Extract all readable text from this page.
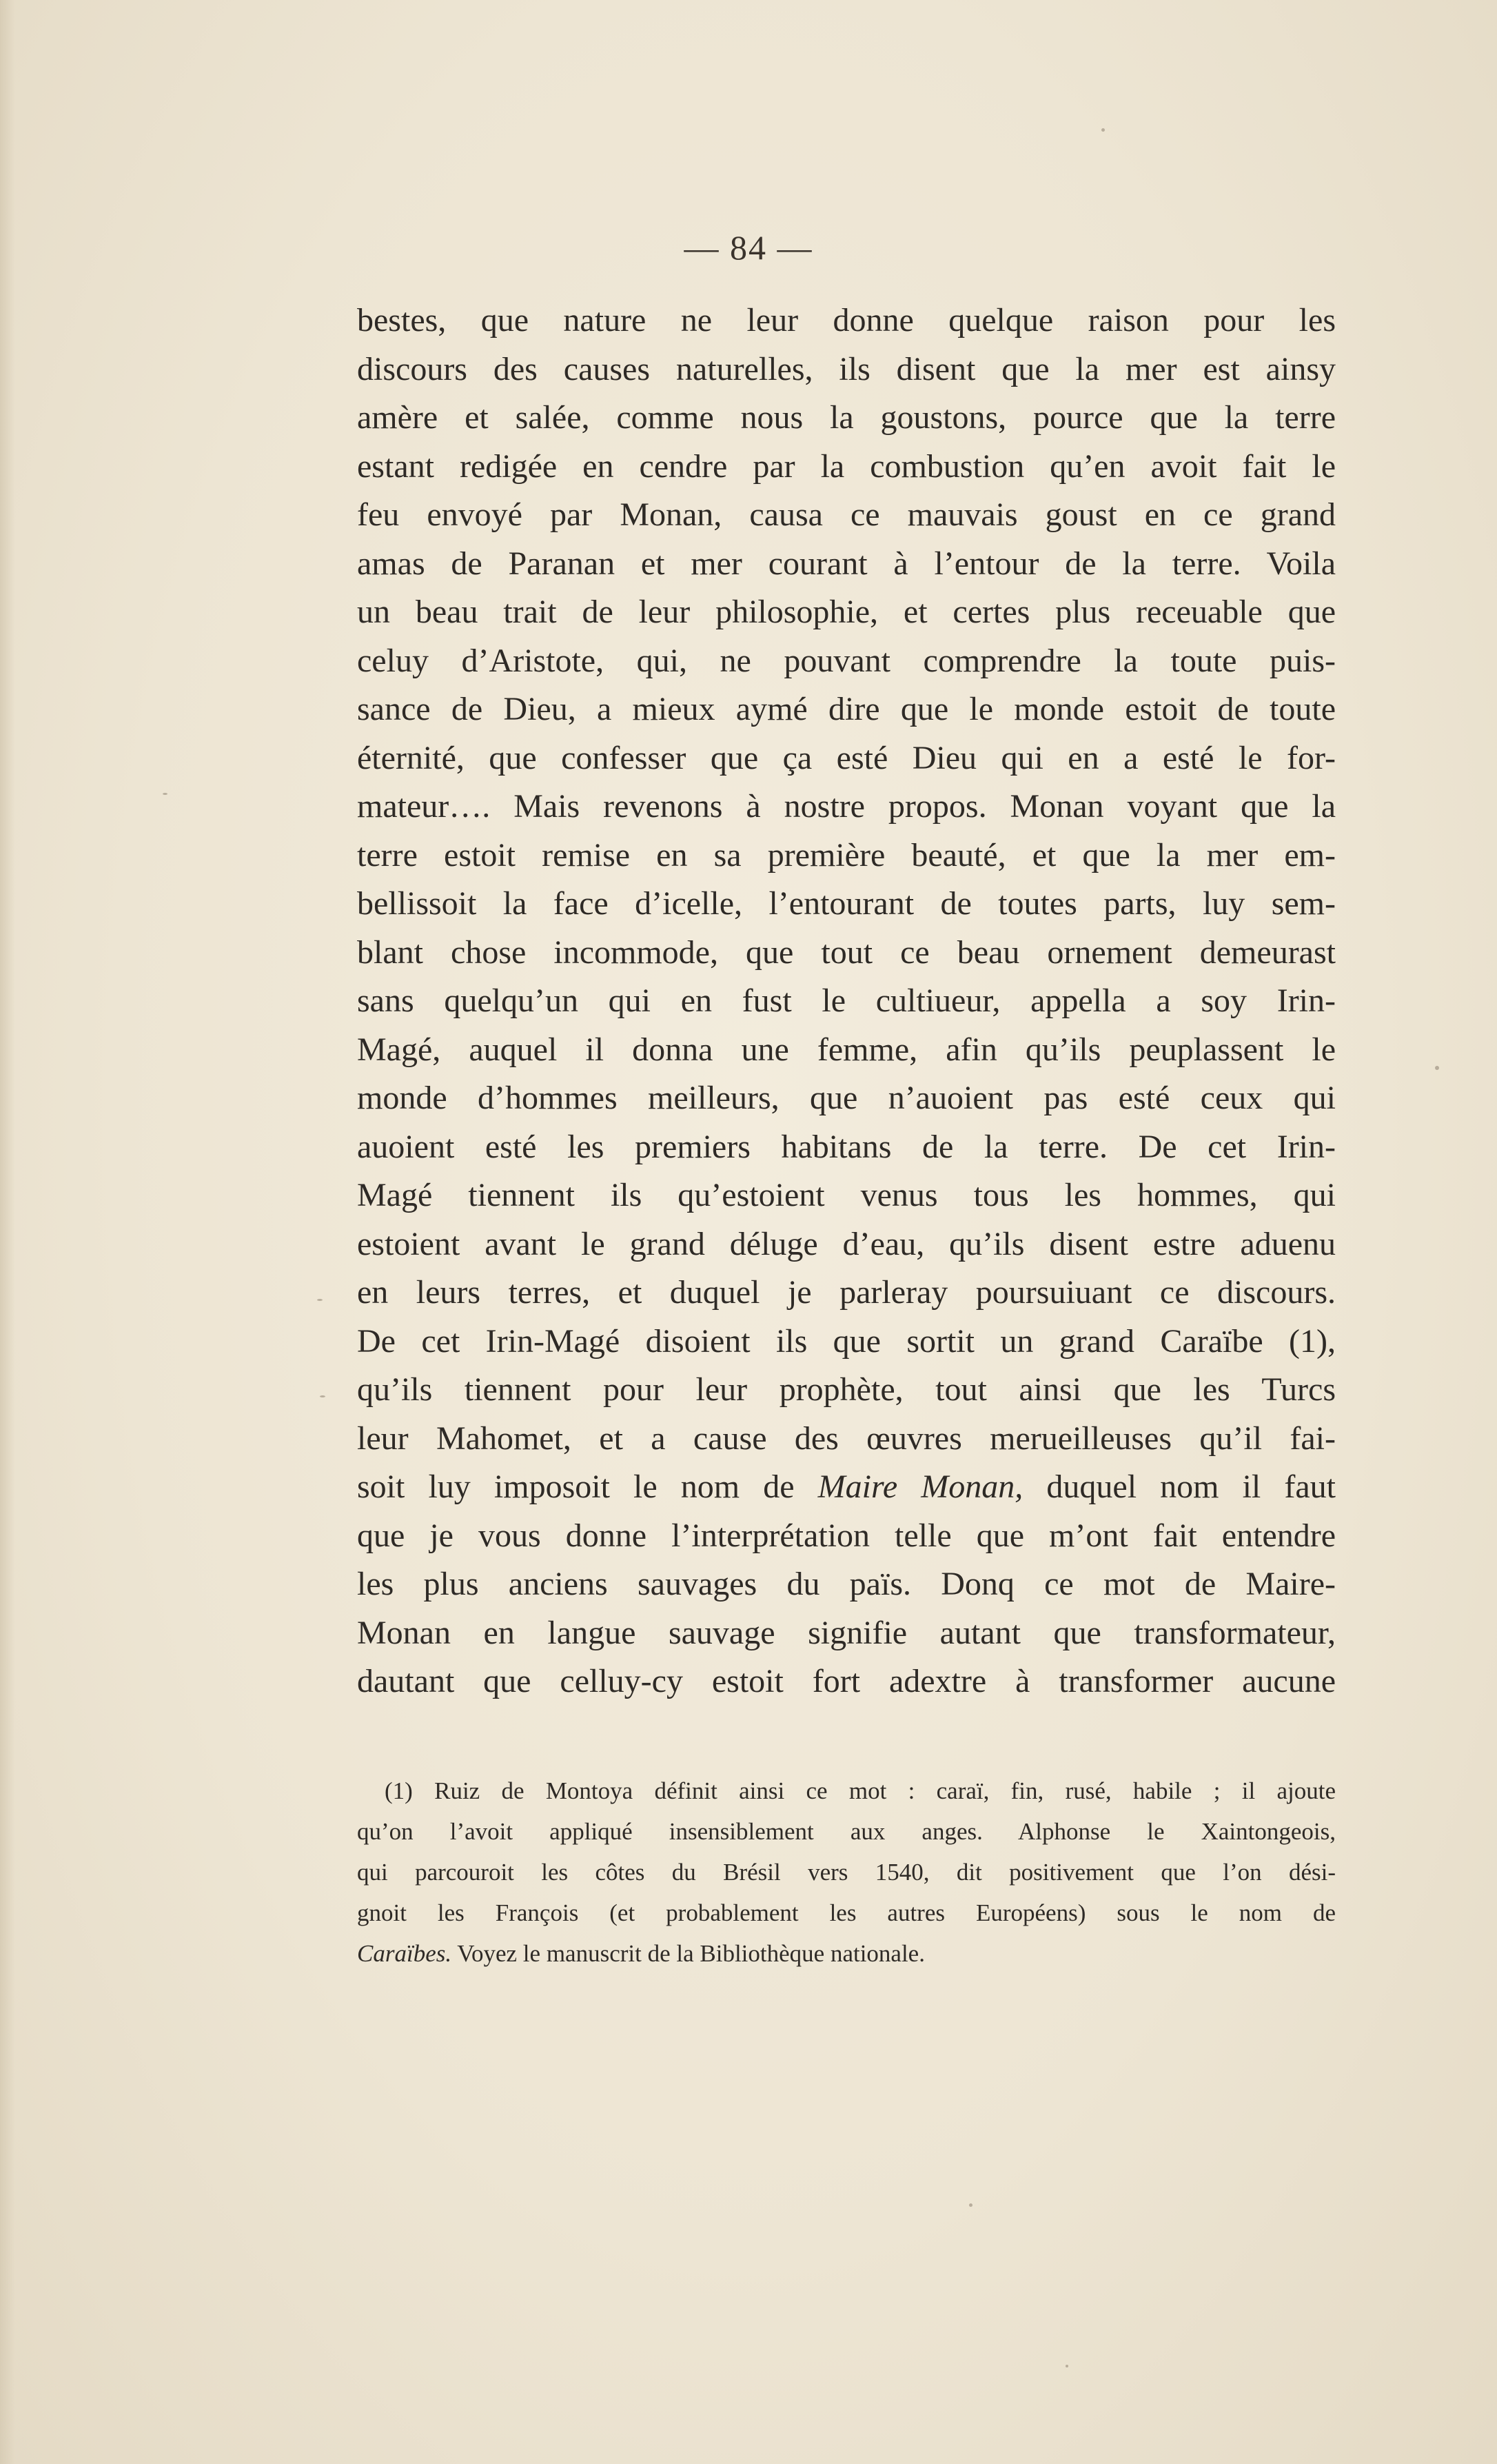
— 84 —
bestes, que nature ne leur donne quelque raison pour les
discours des causes naturelles, ils disent que la mer est ainsy
amère et salée, comme nous la goustons, pource que la terre
estant redigée en cendre par la combustion qu’en avoit fait le
feu envoyé par Monan, causa ce mauvais goust en ce grand
amas de Paranan et mer courant à l’entour de la terre. Voila
un beau trait de leur philosophie, et certes plus receuable que
celuy d’Aristote, qui, ne pouvant comprendre la toute puis-
sance de Dieu, a mieux aymé dire que le monde estoit de toute
éternité, que confesser que ça esté Dieu qui en a esté le for-
mateur…. Mais revenons à nostre propos. Monan voyant que la
terre estoit remise en sa première beauté, et que la mer em-
bellissoit la face d’icelle, l’entourant de toutes parts, luy sem-
blant chose incommode, que tout ce beau ornement demeurast
sans quelqu’un qui en fust le cultiueur, appella a soy Irin-
Magé, auquel il donna une femme, afin qu’ils peuplassent le
monde d’hommes meilleurs, que n’auoient pas esté ceux qui
auoient esté les premiers habitans de la terre. De cet Irin-
Magé tiennent ils qu’estoient venus tous les hommes, qui
estoient avant le grand déluge d’eau, qu’ils disent estre aduenu
en leurs terres, et duquel je parleray poursuiuant ce discours.
De cet Irin-Magé disoient ils que sortit un grand Caraïbe (1),
qu’ils tiennent pour leur prophète, tout ainsi que les Turcs
leur Mahomet, et a cause des œuvres merueilleuses qu’il fai-
soit luy imposoit le nom de Maire Monan, duquel nom il faut
que je vous donne l’interprétation telle que m’ont fait entendre
les plus anciens sauvages du païs. Donq ce mot de Maire-
Monan en langue sauvage signifie autant que transformateur,
dautant que celluy-cy estoit fort adextre à transformer aucune
(1) Ruiz de Montoya définit ainsi ce mot : caraï, fin, rusé, habile ; il ajoute
qu’on l’avoit appliqué insensiblement aux anges. Alphonse le Xaintongeois,
qui parcouroit les côtes du Brésil vers 1540, dit positivement que l’on dési-
gnoit les François (et probablement les autres Européens) sous le nom de
Caraïbes. Voyez le manuscrit de la Bibliothèque nationale.
